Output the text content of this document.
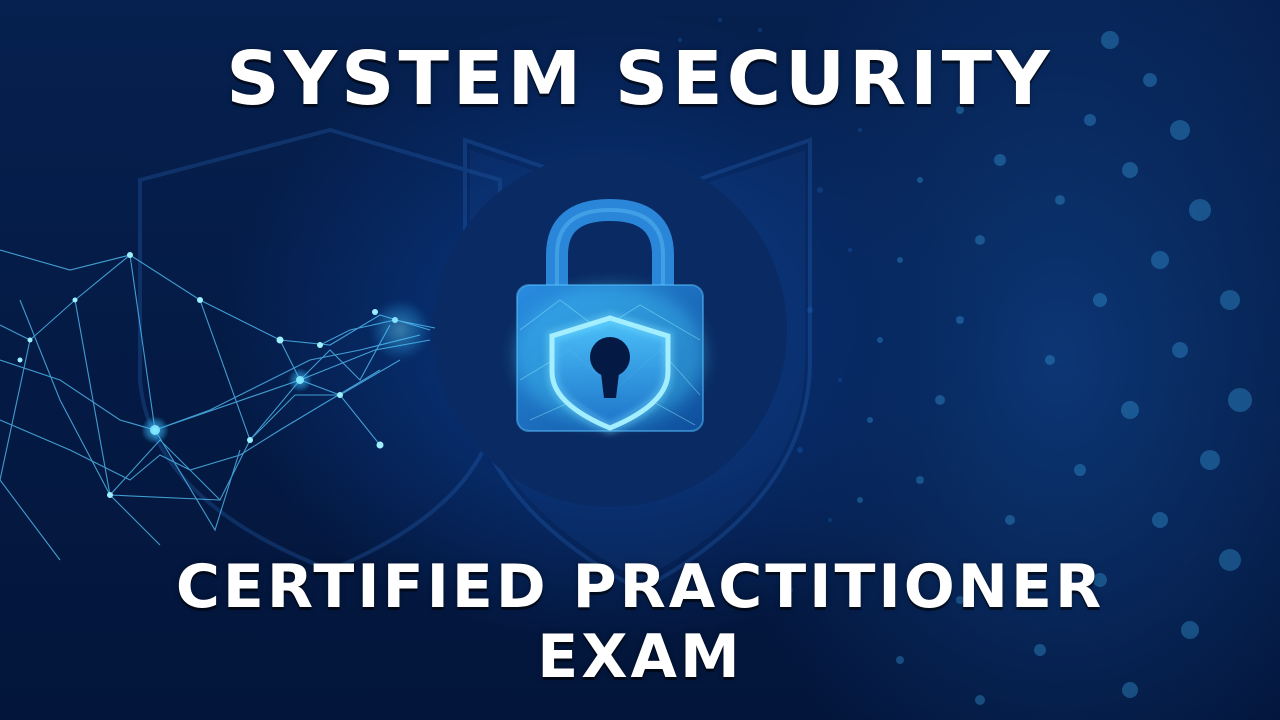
SYSTEM SECURITY
CERTIFIED PRACTITIONER
EXAM
